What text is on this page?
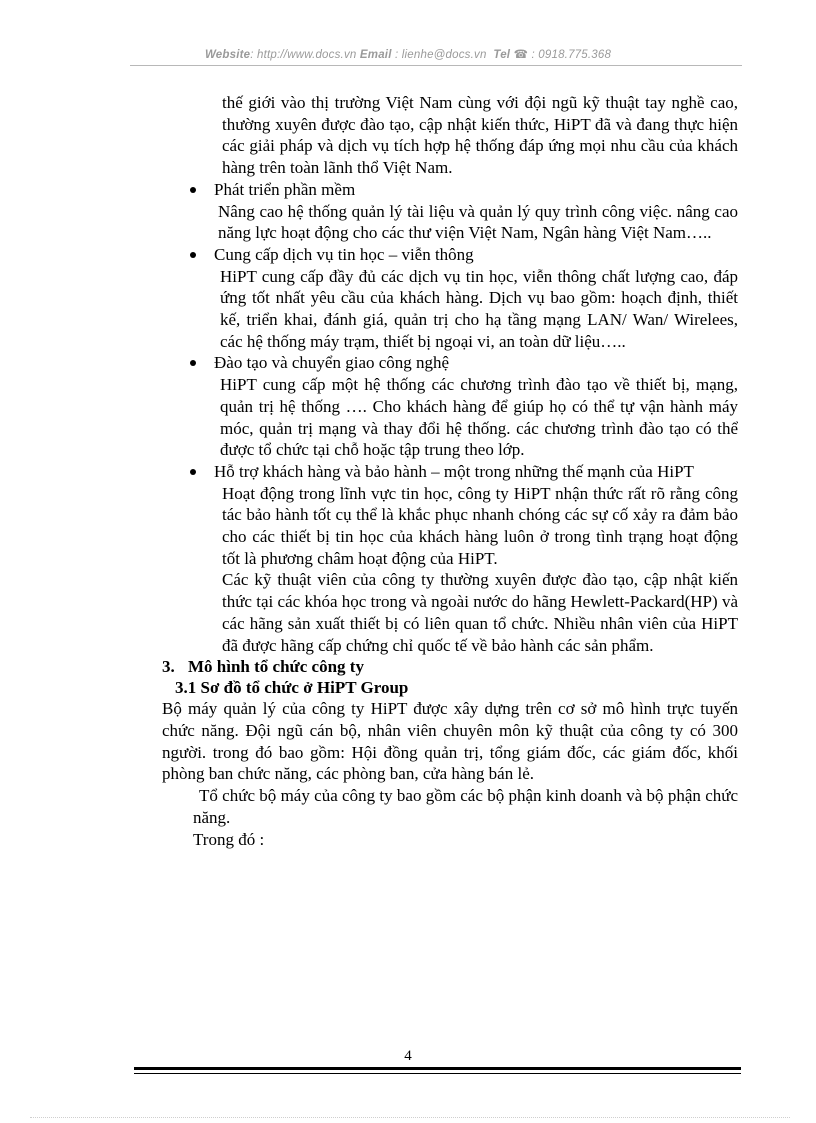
Website: http://www.docs.vn Email : lienhe@docs.vn Tel ☎ : 0918.775.368

thế giới vào thị trường Việt Nam cùng với đội ngũ kỹ thuật tay nghề cao, thường xuyên được đào tạo, cập nhật kiến thức, HiPT đã và đang thực hiện các giải pháp và dịch vụ tích hợp hệ thống đáp ứng mọi nhu cầu của khách hàng trên toàn lãnh thổ Việt Nam.

Phát triển phần mềm

Nâng cao hệ thống quản lý tài liệu và quản lý quy trình công việc. nâng cao năng lực hoạt động cho các thư viện Việt Nam, Ngân hàng Việt Nam…..

Cung cấp dịch vụ tin học – viễn thông

HiPT cung cấp đầy đủ các dịch vụ tin học, viễn thông chất lượng cao, đáp ứng tốt nhất yêu cầu của khách hàng. Dịch vụ bao gồm: hoạch định, thiết kế, triển khai, đánh giá, quản trị cho hạ tầng mạng LAN/ Wan/ Wirelees, các hệ thống máy trạm, thiết bị ngoại vi, an toàn dữ liệu…..

Đào tạo và chuyển giao công nghệ

HiPT cung cấp một hệ thống các chương trình đào tạo về thiết bị, mạng, quản trị hệ thống …. Cho khách hàng để giúp họ có thể tự vận hành máy móc, quản trị mạng và thay đổi hệ thống. các chương trình đào tạo có thể được tổ chức tại chỗ hoặc tập trung theo lớp.

Hỗ trợ khách hàng và bảo hành – một trong những thế mạnh của HiPT

Hoạt động trong lĩnh vực tin học, công ty HiPT nhận thức rất rõ rằng công tác bảo hành tốt cụ thể là khắc phục nhanh chóng các sự cố xảy ra đảm bảo cho các thiết bị tin học của khách hàng luôn ở trong tình trạng hoạt động tốt là phương châm hoạt động của HiPT.

Các kỹ thuật viên của công ty thường xuyên được đào tạo, cập nhật kiến thức tại các khóa học trong và ngoài nước do hãng Hewlett-Packard(HP) và các hãng sản xuất thiết bị có liên quan tổ chức. Nhiều nhân viên của HiPT đã được hãng cấp chứng chỉ quốc tế về bảo hành các sản phẩm.

3. Mô hình tổ chức công ty
3.1 Sơ đồ tổ chức ở HiPT Group

Bộ máy quản lý của công ty HiPT được xây dựng trên cơ sở mô hình trực tuyến chức năng. Đội ngũ cán bộ, nhân viên chuyên môn kỹ thuật của công ty có 300 người. trong đó bao gồm: Hội đồng quản trị, tổng giám đốc, các giám đốc, khối phòng ban chức năng, các phòng ban, cửa hàng bán lẻ.

Tổ chức bộ máy của công ty bao gồm các bộ phận kinh doanh và bộ phận chức năng.

Trong đó :

4
